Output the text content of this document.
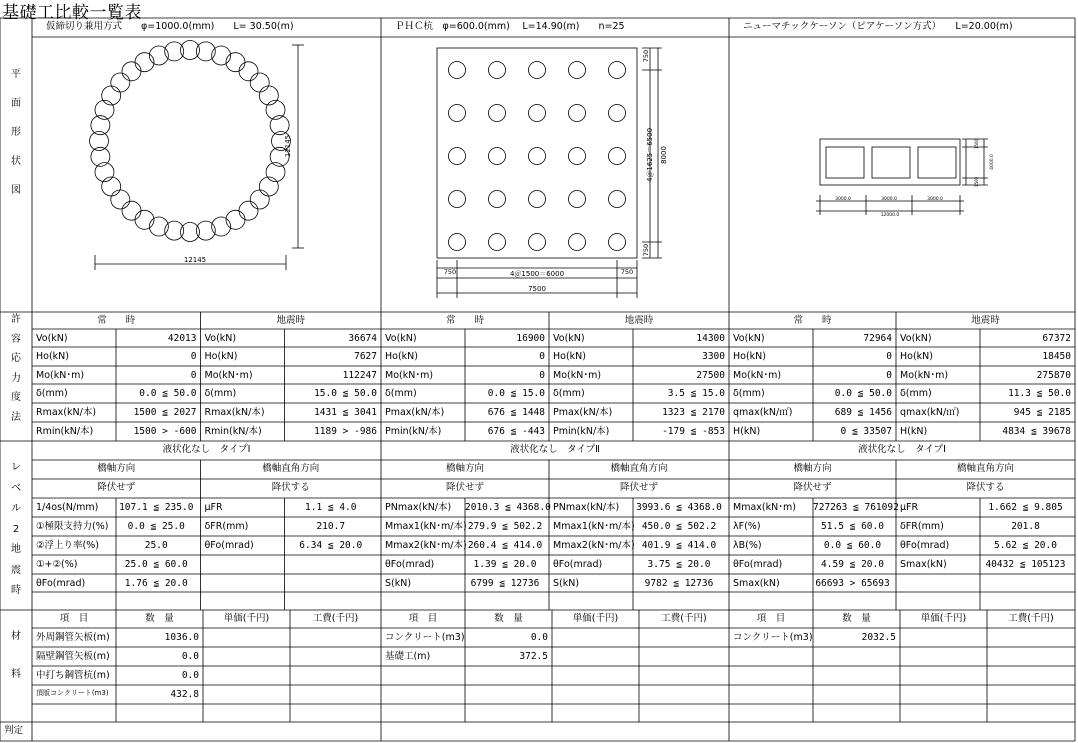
12145
12145
750	4＠1500＝6000	750
7500
750
4＠1625＝6500 8000
750
3000.0	3000.0	3000.0
12000.0
4000.0
1500
1500
基礎工比較一覧表
平
面
形
状
図
許
容
応
力
度
法
レ
ベ
ル
2
地
震
時
材
料
判定
仮締切り兼用方式　　φ=1000.0(mm)　　L= 30.50(m)	ＰＨＣ杭　φ=600.0(mm)　 L=14.90(m)　　n=25	ニューマチックケーソン（ピアケーソン方式）　　L=20.00(m)
常　　時	地震時
Vo(kN)	42013 Vo(kN)	36674
Ho(kN)	0 Ho(kN)	7627
Mo(kN･m)	0 Mo(kN･m)	112247
δ(mm)	0.0 ≦ 50.0 δ(mm)	15.0 ≦ 50.0
Rmax(kN/本)	1500 ≦ 2027 Rmax(kN/本)	1431 ≦ 3041
Rmin(kN/本)	1500 > -600 Rmin(kN/本)	1189 > -986
常　　時	地震時
Vo(kN)	16900 Vo(kN)	14300
Ho(kN)	0 Ho(kN)	3300
Mo(kN･m)	0 Mo(kN･m)	27500
δ(mm)	0.0 ≦ 15.0 δ(mm)	3.5 ≦ 15.0
Pmax(kN/本)	676 ≦ 1448 Pmax(kN/本)	1323 ≦ 2170
Pmin(kN/本)	676 ≦ -443 Pmin(kN/本)	-179 ≦ -853
常　　時	地震時
Vo(kN)	72964 Vo(kN)	67372
Ho(kN)	0 Ho(kN)	18450
Mo(kN･m)	0 Mo(kN･m)	275870
δ(mm)	0.0 ≦ 50.0 δ(mm)	11.3 ≦ 50.0
qmax(kN/㎡)	689 ≦ 1456 qmax(kN/㎡)	945 ≦ 2185
H(kN)	0 ≦ 33507 H(kN)	4834 ≦ 39678
液状化なし　タイプⅠ
橋軸方向	橋軸直角方向
降伏せず	降伏する
1/4os(N/mm)	107.1 ≦ 235.0	μFR	1.1 ≦ 4.0
①極限支持力(%)	0.0 ≦ 25.0	δFR(mm)	210.7
②浮上り率(%)	25.0	θFo(mrad)	6.34 ≦ 20.0
①+②(%)	25.0 ≦ 60.0
θFo(mrad)	1.76 ≦ 20.0
液状化なし　タイプⅡ
橋軸方向	橋軸直角方向
降伏せず	降伏せず
PNmax(kN/本)	2010.3 ≦ 4368.0 PNmax(kN/本)	3993.6 ≦ 4368.0
Mmax1(kN･m/本) 279.9 ≦ 502.2 Mmax1(kN･m/本) 450.0 ≦ 502.2
Mmax2(kN･m/本) 260.4 ≦ 414.0 Mmax2(kN･m/本) 401.9 ≦ 414.0
θFo(mrad)	1.39 ≦ 20.0	θFo(mrad)	3.75 ≦ 20.0
S(kN)	6799 ≦ 12736	S(kN)	9782 ≦ 12736
液状化なし　タイプⅠ
橋軸方向	橋軸直角方向
降伏せず	降伏する
Mmax(kN･m)	727263 ≦ 761092 μFR	1.662 ≦ 9.805
λF(%)	51.5 ≦ 60.0	δFR(mm)	201.8
λB(%)	0.0 ≦ 60.0	θFo(mrad)	5.62 ≦ 20.0
θFo(mrad)	4.59 ≦ 20.0	Smax(kN)	40432 ≦ 105123
Smax(kN)	66693 > 65693
項　目	数　量	単価(千円)	工費(千円)
外周鋼管矢板(m)	1036.0
隔壁鋼管矢板(m)	0.0
中打ち鋼管杭(m)	0.0
頂版コンクリート(m3)	432.8
項　目	数　量	単価(千円)	工費(千円)
コンクリート(m3)	0.0
基礎工(m)	372.5
項　目	数　量	単価(千円)	工費(千円)
コンクリート(m3)	2032.5
